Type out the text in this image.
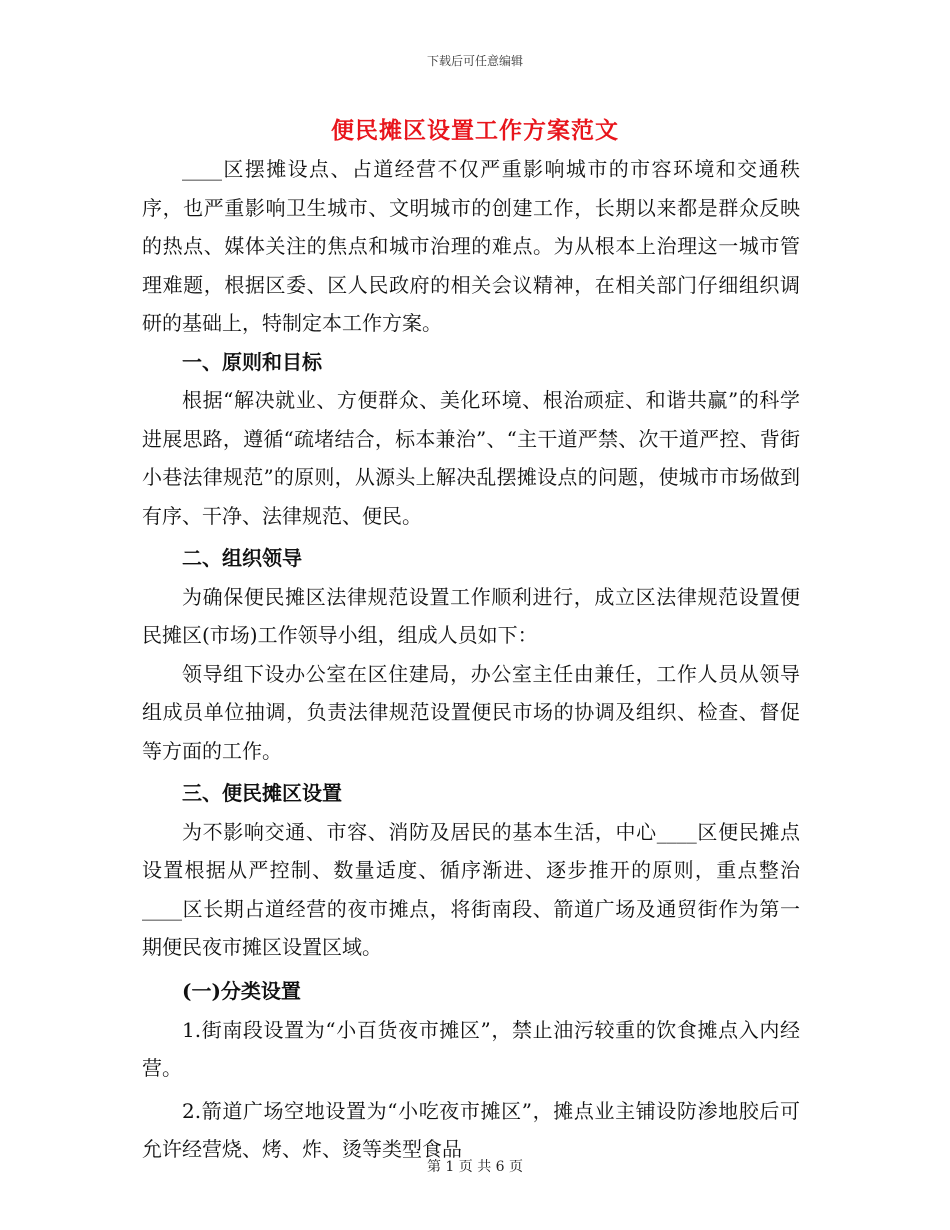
下载后可任意编辑
便民摊区设置工作方案范文

____区摆摊设点、占道经营不仅严重影响城市的市容环境和交通秩序，也严重影响卫生城市、文明城市的创建工作，长期以来都是群众反映的热点、媒体关注的焦点和城市治理的难点。为从根本上治理这一城市管理难题，根据区委、区人民政府的相关会议精神，在相关部门仔细组织调研的基础上，特制定本工作方案。

一、原则和目标

根据“解决就业、方便群众、美化环境、根治顽症、和谐共赢”的科学进展思路，遵循“疏堵结合，标本兼治”、“主干道严禁、次干道严控、背街小巷法律规范”的原则，从源头上解决乱摆摊设点的问题，使城市市场做到有序、干净、法律规范、便民。

二、组织领导

为确保便民摊区法律规范设置工作顺利进行，成立区法律规范设置便民摊区(市场)工作领导小组，组成人员如下：

领导组下设办公室在区住建局，办公室主任由兼任，工作人员从领导组成员单位抽调，负责法律规范设置便民市场的协调及组织、检查、督促等方面的工作。

三、便民摊区设置

为不影响交通、市容、消防及居民的基本生活，中心____区便民摊点设置根据从严控制、数量适度、循序渐进、逐步推开的原则，重点整治____区长期占道经营的夜市摊点，将街南段、箭道广场及通贸街作为第一期便民夜市摊区设置区域。

(一)分类设置

1.街南段设置为“小百货夜市摊区”，禁止油污较重的饮食摊点入内经营。

2.箭道广场空地设置为“小吃夜市摊区”，摊点业主铺设防渗地胶后可允许经营烧、烤、炸、烫等类型食品

第 1 页 共 6 页
